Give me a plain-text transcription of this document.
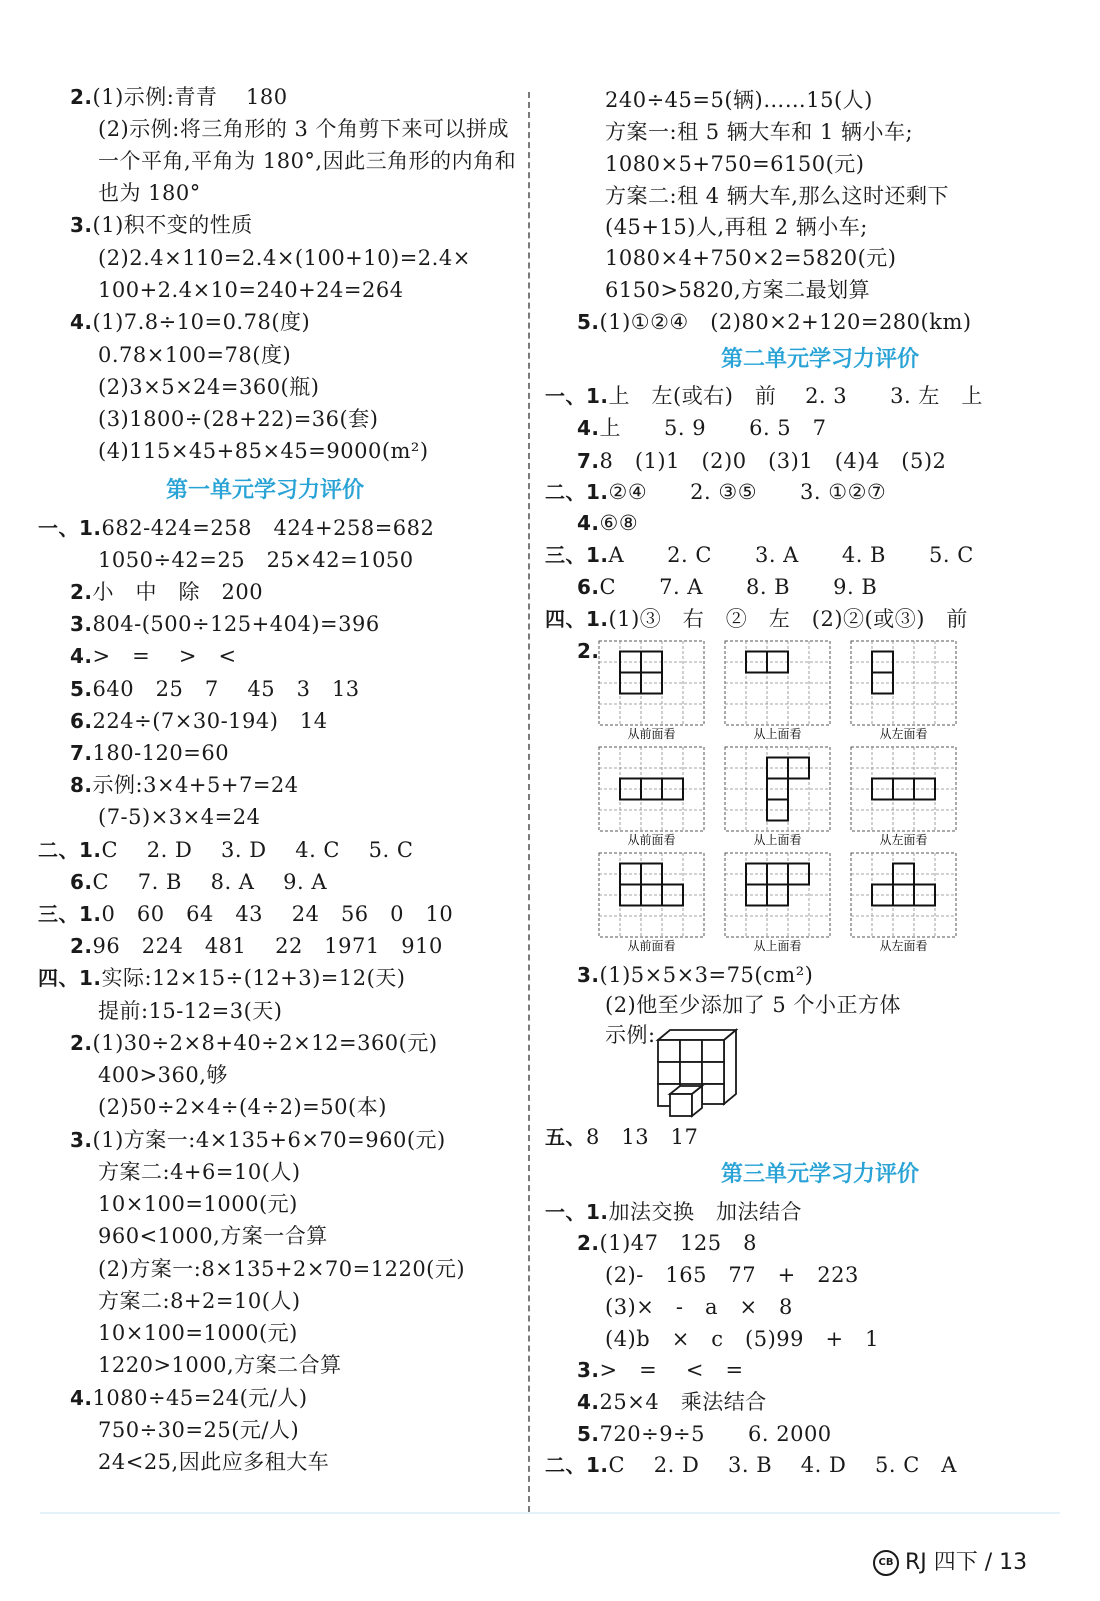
2.(1)示例:青青　 180
(2)示例:将三角形的 3 个角剪下来可以拼成
一个平角,平角为 180°,因此三角形的内角和
也为 180°
3.(1)积不变的性质
(2)2.4×110=2.4×(100+10)=2.4×
100+2.4×10=240+24=264
4.(1)7.8÷10=0.78(度)
0.78×100=78(度)
(2)3×5×24=360(瓶)
(3)1800÷(28+22)=36(套)
(4)115×45+85×45=9000(m²)
第一单元学习力评价
一、1.682-424=258　424+258=682
1050÷42=25　25×42=1050
2.小　中　除　200
3.804-(500÷125+404)=396
4.>　=　 >　<
5.640　25　7　 45　3　13
6.224÷(7×30-194)　14
7.180-120=60
8.示例:3×4+5+7=24
(7-5)×3×4=24
二、1.C　 2. D　 3. D　 4. C　 5. C
6.C　 7. B　 8. A　 9. A
三、1.0　60　64　43　 24　56　0　10
2.96　224　481　 22　1971　910
四、1.实际:12×15÷(12+3)=12(天)
提前:15-12=3(天)
2.(1)30÷2×8+40÷2×12=360(元)
400>360,够
(2)50÷2×4÷(4÷2)=50(本)
3.(1)方案一:4×135+6×70=960(元)
方案二:4+6=10(人)
10×100=1000(元)
960<1000,方案一合算
(2)方案一:8×135+2×70=1220(元)
方案二:8+2=10(人)
10×100=1000(元)
1220>1000,方案二合算
4.1080÷45=24(元/人)
750÷30=25(元/人)
24<25,因此应多租大车
240÷45=5(辆)……15(人)
方案一:租 5 辆大车和 1 辆小车;
1080×5+750=6150(元)
方案二:租 4 辆大车,那么这时还剩下
(45+15)人,再租 2 辆小车;
1080×4+750×2=5820(元)
6150>5820,方案二最划算
5.(1)①②④　(2)80×2+120=280(km)
第二单元学习力评价
一、1.上　左(或右)　前　 2. 3　　3. 左　上
4.上　　5. 9　　6. 5　7
7.8　(1)1　(2)0　(3)1　(4)4　(5)2
二、1.②④　　2. ③⑤　　3. ①②⑦
4.⑥⑧
三、1.A　　2. C　　3. A　　4. B　　5. C
6.C　　7. A　　8. B　　9. B
四、1.(1)③　右　②　左　(2)②(或③)　前
2.
3.(1)5×5×3=75(cm²)
(2)他至少添加了 5 个小正方体
示例:
五、8　13　17
第三单元学习力评价
一、1.加法交换　加法结合
2.(1)47　125　8
(2)-　165　77　+　223
(3)×　-　a　×　8
(4)b　×　c　(5)99　+　1
3.>　=　 <　=
4.25×4　乘法结合
5.720÷9÷5　　6. 2000
二、1.C　 2. D　 3. B　 4. D　 5. C　A
从前面看	从上面看	从左面看
从前面看	从上面看	从左面看
从前面看	从上面看	从左面看

CB RJ 四下 / 13
